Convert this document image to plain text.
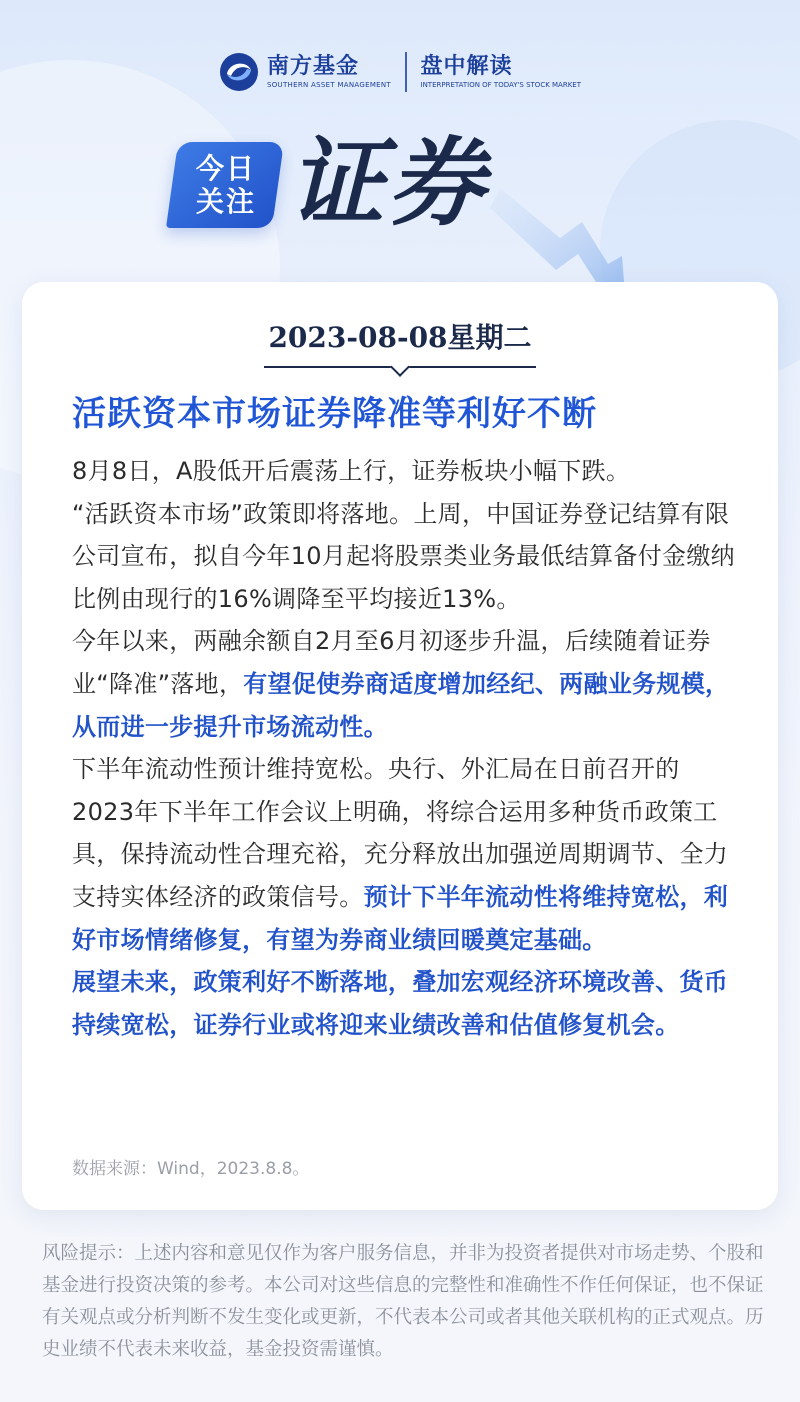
南方基金
SOUTHERN ASSET MANAGEMENT
盘中解读
INTERPRETATION OF TODAY'S STOCK MARKET
今日
关注 证券
2023-08-08星期二
活跃资本市场证券降准等利好不断

8月8日，A股低开后震荡上行，证券板块小幅下跌。

“活跃资本市场”政策即将落地。上周，中国证券登记结算有限公司宣布，拟自今年10月起将股票类业务最低结算备付金缴纳比例由现行的16%调降至平均接近13%。

今年以来，两融余额自2月至6月初逐步升温，后续随着证券业“降准”落地，有望促使券商适度增加经纪、两融业务规模，从而进一步提升市场流动性。

下半年流动性预计维持宽松。央行、外汇局在日前召开的2023年下半年工作会议上明确，将综合运用多种货币政策工具，保持流动性合理充裕，充分释放出加强逆周期调节、全力支持实体经济的政策信号。预计下半年流动性将维持宽松，利好市场情绪修复，有望为券商业绩回暖奠定基础。

展望未来，政策利好不断落地，叠加宏观经济环境改善、货币持续宽松，证券行业或将迎来业绩改善和估值修复机会。

数据来源：Wind，2023.8.8。
风险提示：上述内容和意见仅作为客户服务信息，并非为投资者提供对市场走势、个股和基金进行投资决策的参考。本公司对这些信息的完整性和准确性不作任何保证，也不保证有关观点或分析判断不发生变化或更新，不代表本公司或者其他关联机构的正式观点。历史业绩不代表未来收益，基金投资需谨慎。
